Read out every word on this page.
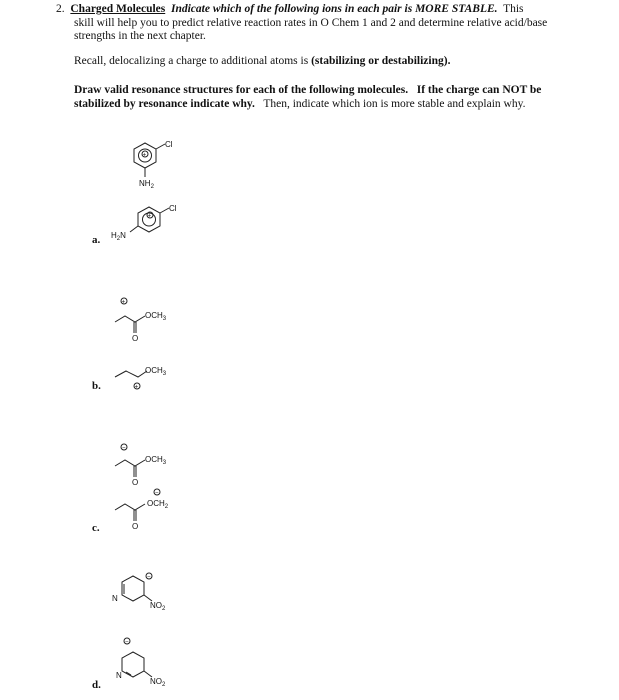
2. Charged Molecules Indicate which of the following ions in each pair is MORE STABLE. This
skill will help you to predict relative reaction rates in O Chem 1 and 2 and determine relative acid/base
strengths in the next chapter.
Recall, delocalizing a charge to additional atoms is (stabilizing or destabilizing).
Draw valid resonance structures for each of the following molecules. If the charge can NOT be
stabilized by resonance indicate why. Then, indicate which ion is more stable and explain why.
a.
b.
c.
d.
+
Cl
$NH_2$
+
Cl
$H_2N$
+
O
$OCH_3$
$OCH_3$
+
−
O
$OCH_3$
−
O
$OCH_2$
−
N
$NO_2$
−
N
$NO_2$
